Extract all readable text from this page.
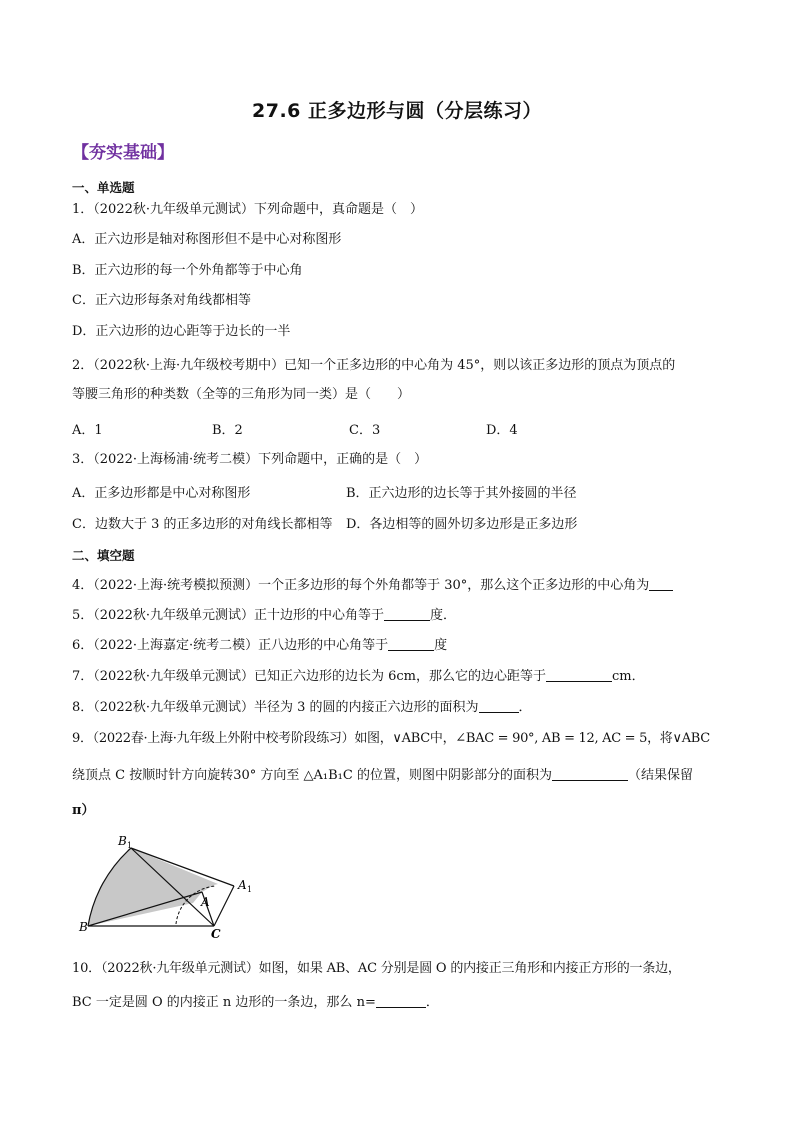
27.6 正多边形与圆（分层练习）
【夯实基础】
一、单选题
1．（2022秋·九年级单元测试）下列命题中，真命题是（　）
A．正六边形是轴对称图形但不是中心对称图形
B．正六边形的每一个外角都等于中心角
C．正六边形每条对角线都相等
D．正六边形的边心距等于边长的一半
2．（2022秋·上海·九年级校考期中）已知一个正多边形的中心角为 45°，则以该正多边形的顶点为顶点的
等腰三角形的种类数（全等的三角形为同一类）是（　　）
A．1	B．2	C．3	D．4
3．（2022·上海杨浦·统考二模）下列命题中，正确的是（　）
A．正多边形都是中心对称图形	B．正六边形的边长等于其外接圆的半径
C．边数大于 3 的正多边形的对角线长都相等 D．各边相等的圆外切多边形是正多边形
二、填空题
4．（2022·上海·统考模拟预测）一个正多边形的每个外角都等于 30°，那么这个正多边形的中心角为
5．（2022秋·九年级单元测试）正十边形的中心角等于	度．
6．（2022·上海嘉定·统考二模）正八边形的中心角等于	度
7．（2022秋·九年级单元测试）已知正六边形的边长为 6cm，那么它的边心距等于	cm．
8．（2022秋·九年级单元测试）半径为 3 的圆的内接正六边形的面积为	．
9．（2022春·上海·九年级上外附中校考阶段练习）如图，∨ABC中，∠BAC = 90°, AB = 12, AC = 5，将∨ABC
绕顶点 C 按顺时针方向旋转30° 方向至 △A₁B₁C 的位置，则图中阴影部分的面积为	（结果保留
π）
B 1
A 1
A
B	C
10．（2022秋·九年级单元测试）如图，如果 AB、AC 分别是圆 O 的内接正三角形和内接正方形的一条边，
BC 一定是圆 O 的内接正 n 边形的一条边，那么 n=	．
